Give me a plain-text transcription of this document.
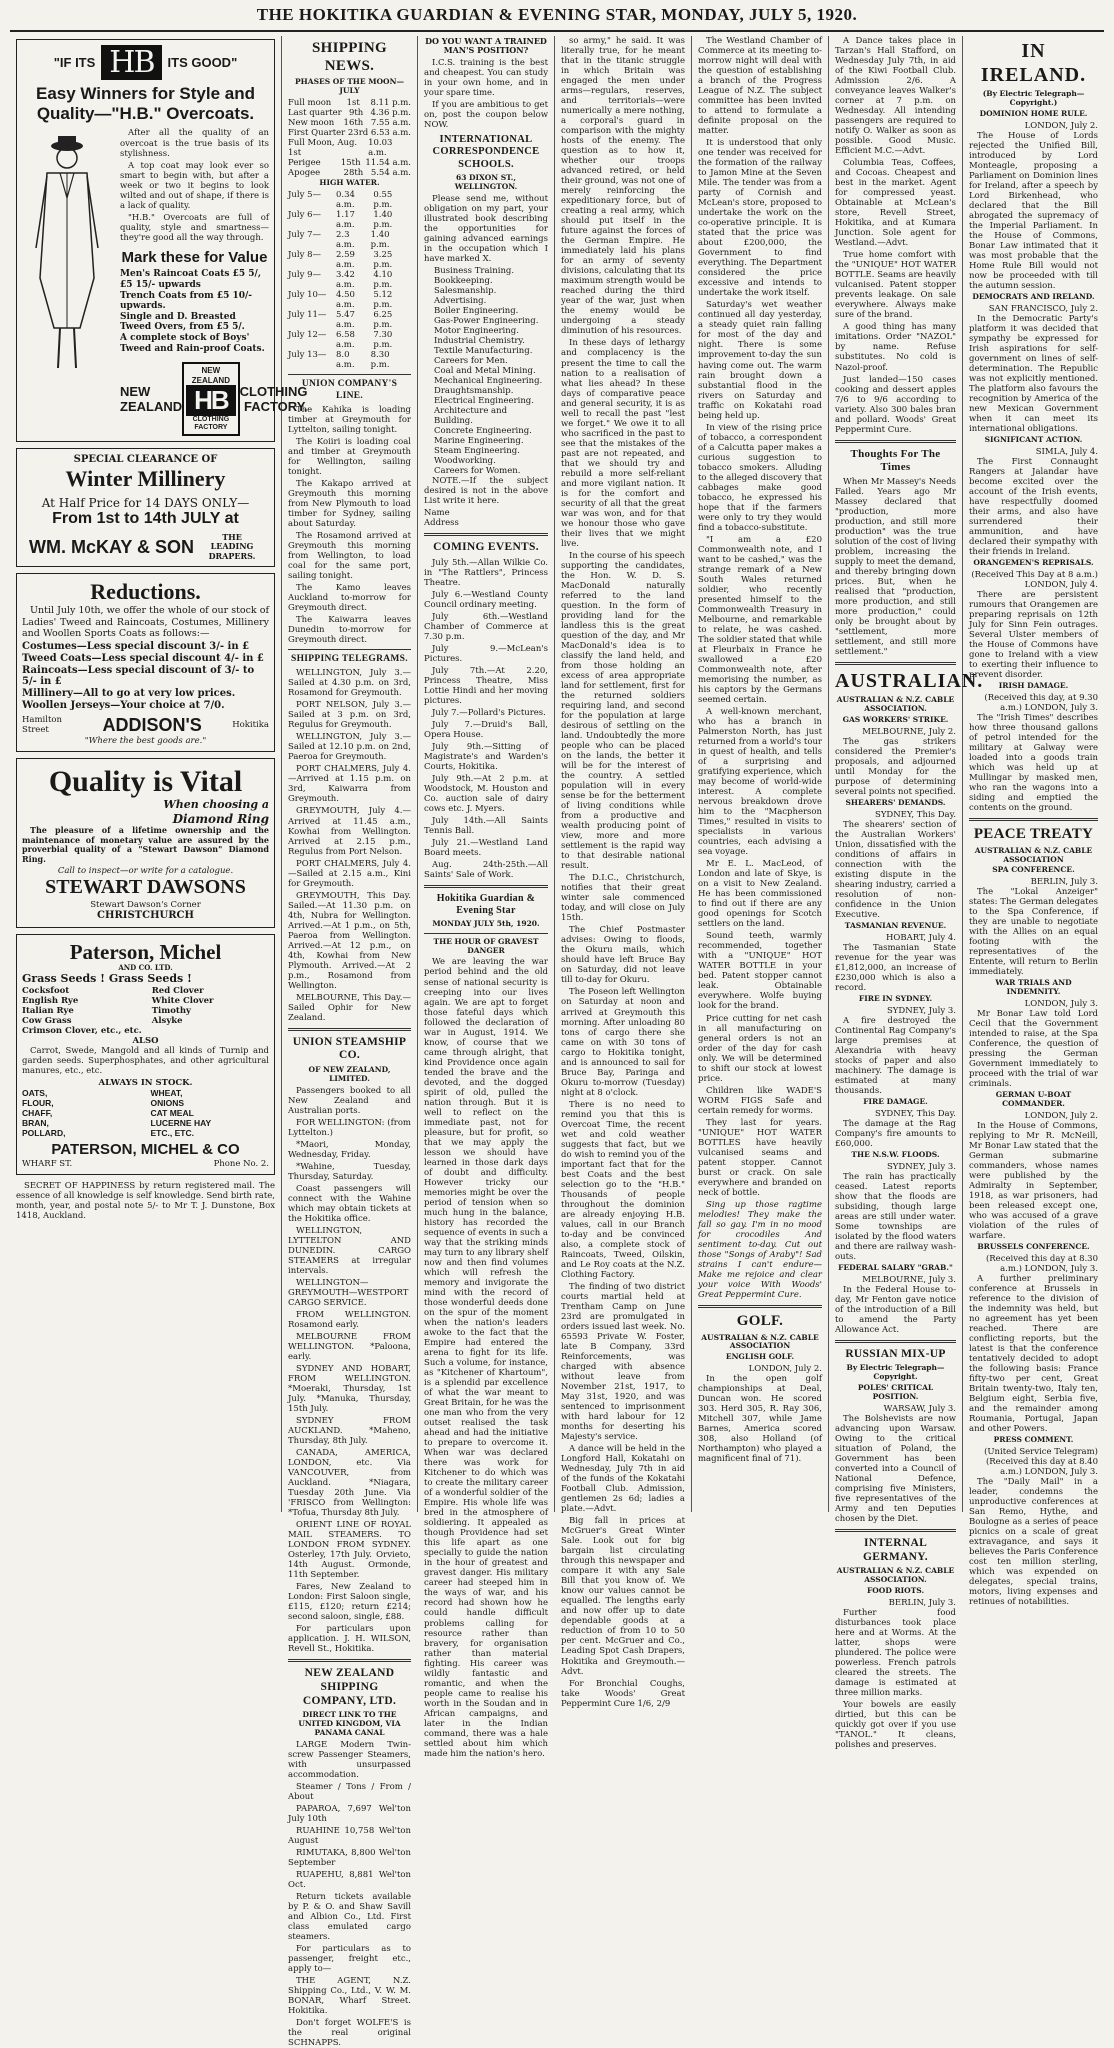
THE HOKITIKA GUARDIAN & EVENING STAR, MONDAY, JULY 5, 1920.
"IF ITS HB	ITS GOOD"
Easy Winners for Style and Quality—"H.B." Overcoats.

After all the quality of an overcoat is the true basis of its stylishness.

A top coat may look ever so smart to begin with, but after a week or two it begins to look wilted and out of shape, if there is a lack of quality.

"H.B." Overcoats are full of quality, style and smartness—they're good all the way through.

Mark these for Value
Men's Raincoat Coats £5 5/, £5 15/- upwards
Trench Coats from £5 10/- upwards.
Single and D. Breasted Tweed Overs, from £5 5/.
A complete stock of Boys' Tweed and Rain-proof Coats.
NEW ZEALAND
NEW ZEALAND
HB
CLOTHING FACTORY
CLOTHING FACTORY.
SPECIAL CLEARANCE OF
Winter Millinery
At Half Price for 14 DAYS ONLY—
From 1st to 14th JULY at
WM. McKAY & SON	THE LEADING DRAPERS.
Reductions.

Until July 10th, we offer the whole of our stock of Ladies' Tweed and Raincoats, Costumes, Millinery and Woollen Sports Coats as follows:—

Costumes—Less special discount 3/- in £
Tweed Coats—Less special discount 4/- in £
Raincoats—Less special discount of 3/- to 5/- in £
Millinery—All to go at very low prices.
Woollen Jerseys—Your choice at 7/0.
Hamilton Street	ADDISON'S	Hokitika
"Where the best goods are."
Quality is Vital
When choosing a
Diamond Ring

The pleasure of a lifetime ownership and the maintenance of monetary value are assured by the proverbial quality of a "Stewart Dawson" Diamond Ring.

Call to inspect—or write for a catalogue.
STEWART DAWSONS
Stewart Dawson's Corner
CHRISTCHURCH
Paterson, Michel
AND CO. LTD.
Grass Seeds ! Grass Seeds !
Cocksfoot
English Rye
Italian Rye
Cow Grass
Crimson Clover, etc., etc.
Red Clover
White Clover
Timothy
Alsyke
ALSO

Carrot, Swede, Mangold and all kinds of Turnip and garden seeds. Superphosphates, and other agricultural manures, etc., etc.

ALWAYS IN STOCK.
OATS,
FLOUR,
CHAFF,
BRAN,
POLLARD,
WHEAT,
ONIONS
CAT MEAL
LUCERNE HAY
ETC., ETC.
PATERSON, MICHEL & CO
WHARF ST.	Phone No. 2.

SECRET OF HAPPINESS by return registered mail. The essence of all knowledge is self knowledge. Send birth rate, month, year, and postal note 5/- to Mr T. J. Dunstone, Box 1418, Auckland.

SHIPPING NEWS.
PHASES OF THE MOON—JULY
Full moon	1st 8.11 p.m.
Last quarter 9th 4.36 p.m.
New moon 16th 7.55 a.m.
First Quarter 23rd 6.53 a.m.
Full Moon, Aug. 1st
10.03 a.m.
Perigee	15th 11.54 a.m.
Apogee	28th 5.54 a.m.
HIGH WATER.
July 5—	0.34 a.m.
0.55 p.m.
July 6—	1.17 a.m.
1.40 p.m.
July 7—	2.3 a.m.
1.40 p.m.
July 8—	2.59 a.m.
3.25 p.m.
July 9—	3.42 a.m.
4.10 p.m.
July 10—	4.50 a.m.
5.12 p.m.
July 11—	5.47 a.m.
6.25 p.m.
July 12—	6.58 a.m.
7.30 p.m.
July 13—	8.0 a.m.
8.30 p.m.
UNION COMPANY'S LINE.

The Kahika is loading timber at Greymouth for Lyttelton, sailing tonight.

The Koiiri is loading coal and timber at Greymouth for Wellington, sailing tonight.

The Kakapo arrived at Greymouth this morning from New Plymouth to load timber for Sydney, sailing about Saturday.

The Rosamond arrived at Greymouth this morning from Wellington, to load coal for the same port, sailing tonight.

The Kamo leaves Auckland to-morrow for Greymouth direct.

The Kaiwarra leaves Dunedin to-morrow for Greymouth direct.

SHIPPING TELEGRAMS.

WELLINGTON, July 3.—Sailed at 4.30 p.m. on 3rd, Rosamond for Greymouth.

PORT NELSON, July 3.—Sailed at 3 p.m. on 3rd, Regulus for Greymouth.

WELLINGTON, July 3.—Sailed at 12.10 p.m. on 2nd, Paeroa for Greymouth.

PORT CHALMERS, July 4.—Arrived at 1.15 p.m. on 3rd, Kaiwarra from Greymouth.

GREYMOUTH, July 4.—Arrived at 11.45 a.m., Kowhai from Wellington. Arrived at 2.15 p.m., Regulus from Port Nelson.

PORT CHALMERS, July 4.—Sailed at 2.15 a.m., Kini for Greymouth.

GREYMOUTH, This Day. Sailed.—At 11.30 p.m. on 4th, Nubra for Wellington. Arrived.—At 1 p.m., on 5th, Paeroa from Wellington. Arrived.—At 12 p.m., on 4th, Kowhai from New Plymouth. Arrived.—At 2 p.m., Rosamond from Wellington.

MELBOURNE, This Day.—Sailed Ophir for New Zealand.

UNION STEAMSHIP CO.
OF NEW ZEALAND, LIMITED.

Passengers booked to all New Zealand and Australian ports.

FOR WELLINGTON: (from Lyttelton.)

*Maori, Monday, Wednesday, Friday.

*Wahine, Tuesday, Thursday, Saturday.

Coast passengers will connect with the Wahine which may obtain tickets at the Hokitika office.

WELLINGTON, LYTTELTON AND DUNEDIN. CARGO STEAMERS at irregular intervals.

WELLINGTON—GREYMOUTH—WESTPORT CARGO SERVICE.

FROM WELLINGTON. Rosamond early.

MELBOURNE FROM WELLINGTON. *Paloona, early.

SYDNEY AND HOBART, FROM WELLINGTON. *Moeraki, Thursday, 1st July. *Manuka, Thursday, 15th July.

SYDNEY FROM AUCKLAND. *Maheno, Thursday, 8th July.

CANADA, AMERICA, LONDON, etc. Via VANCOUVER, from Auckland. *Niagara, Tuesday 20th June. Via 'FRISCO from Wellington: *Tofua, Thursday 8th July.

ORIENT LINE OF ROYAL MAIL STEAMERS. TO LONDON FROM SYDNEY. Osterley, 17th July. Orvieto, 14th August. Ormonde, 11th September.

Fares, New Zealand to London: First Saloon single, £115, £120; return £214; second saloon, single, £88.

For particulars upon application. J. H. WILSON, Revell St., Hokitika.

NEW ZEALAND SHIPPING COMPANY, LTD.
DIRECT LINK TO THE UNITED KINGDOM, VIA PANAMA CANAL

LARGE Modern Twin-screw Passenger Steamers, with unsurpassed accommodation.

Steamer / Tons / From / About

PAPAROA, 7,697 Wel'ton July 10th

RUAHINE 10,758 Wel'ton August

RIMUTAKA, 8,800 Wel'ton September

RUAPEHU, 8,881 Wel'ton Oct.

Return tickets available by P. & O. and Shaw Savill and Albion Co., Ltd. First class emulated cargo steamers.

For particulars as to passenger, freight etc., apply to—

THE AGENT, N.Z. Shipping Co., Ltd., V. W. M. BONAR, Wharf Street. Hokitika.

Don't forget WOLFE'S is the real original SCHNAPPS.

DO YOU WANT A TRAINED MAN'S POSITION?

I.C.S. training is the best and cheapest. You can study in your own home, and in your spare time.

If you are ambitious to get on, post the coupon below NOW.

INTERNATIONAL CORRESPONDENCE SCHOOLS.
63 DIXON ST., WELLINGTON.

Please send me, without obligation on my part, your illustrated book describing the opportunities for gaining advanced earnings in the occupation which I have marked X.

Business Training.
Bookkeeping.
Salesmanship.
Advertising.
Boiler Engineering.
Gas-Power Engineering.
Motor Engineering.
Industrial Chemistry.
Textile Manufacturing.
Careers for Men.
Coal and Metal Mining.
Mechanical Engineering.
Draughtsmanship.
Electrical Engineering.
Architecture and Building.
Concrete Engineering.
Marine Engineering.
Steam Engineering.
Woodworking.
Careers for Women.

NOTE.—If the subject desired is not in the above List write it here.

Name
Address
COMING EVENTS.

July 5th.—Allan Wilkie Co. in "The Rattlers", Princess Theatre.

July 6.—Westland County Council ordinary meeting.

July 6th.—Westland Chamber of Commerce at 7.30 p.m.

July 9.—McLean's Pictures.

July 7th.—At 2.20, Princess Theatre, Miss Lottie Hindi and her moving pictures.

July 7.—Pollard's Pictures.

July 7.—Druid's Ball, Opera House.

July 9th.—Sitting of Magistrate's and Warden's Courts, Hokitika.

July 9th.—At 2 p.m. at Woodstock, M. Houston and Co. auction sale of dairy cows etc. J. Myers.

July 14th.—All Saints Tennis Ball.

July 21.—Westland Land Board meets.

Aug. 24th-25th.—All Saints' Sale of Work.

Hokitika Guardian & Evening Star
MONDAY JULY 5th, 1920.
THE HOUR OF GRAVEST DANGER

We are leaving the war period behind and the old sense of national security is creeping into our lives again. We are apt to forget those fateful days which followed the declaration of war in August, 1914. We know, of course that we came through alright, that kind Providence once again tended the brave and the devoted, and the dogged spirit of old, pulled the nation through. But it is well to reflect on the immediate past, not for pleasure, but for profit, so that we may apply the lesson we should have learned in those dark days of doubt and difficulty. However tricky our memories might be over the period of tension when so much hung in the balance, history has recorded the sequence of events in such a way that the striking minds may turn to any library shelf now and then find volumes which will refresh the memory and invigorate the mind with the record of those wonderful deeds done on the spur of the moment when the nation's leaders awoke to the fact that the Empire had entered the arena to fight for its life. Such a volume, for instance, as "Kitchener of Khartoum", is a splendid par excellence of what the war meant to Great Britain, for he was the one man who from the very outset realised the task ahead and had the initiative to prepare to overcome it. When war was declared there was work for Kitchener to do which was to create the military career of a wonderful soldier of the Empire. His whole life was bred in the atmosphere of soldiering. It appealed as though Providence had set this life apart as one specially to guide the nation in the hour of greatest and gravest danger. His military career had steeped him in the ways of war, and his record had shown how he could handle difficult problems calling for resource rather than bravery, for organisation rather than material fighting. His career was wildly fantastic and romantic, and when the people came to realise his worth in the Soudan and in African campaigns, and later in the Indian command, there was a hale settled about him which made him the nation's hero.

so army," he said. It was literally true, for he meant that in the titanic struggle in which Britain was engaged the men under arms—regulars, reserves, and territorials—were numerically a mere nothing, a corporal's guard in comparison with the mighty hosts of the enemy. The question as to how it, whether our troops advanced retired, or held their ground, was not one of merely reinforcing the expeditionary force, but of creating a real army, which should put itself in the future against the forces of the German Empire. He immediately laid his plans for an army of seventy divisions, calculating that its maximum strength would be reached during the third year of the war, just when the enemy would be undergoing a steady diminution of his resources.

In these days of lethargy and complacency is the present the time to call the nation to a realisation of what lies ahead? In these days of comparative peace and general security, it is as well to recall the past "lest we forget." We owe it to all who sacrificed in the past to see that the mistakes of the past are not repeated, and that we should try and rebuild a more self-reliant and more vigilant nation. It is for the comfort and security of all that the great war was won, and for that we honour those who gave their lives that we might live.

In the course of his speech supporting the candidates, the Hon. W. D. S. MacDonald naturally referred to the land question. In the form of providing land for the landless this is the great question of the day, and Mr MacDonald's idea is to classify the land held, and from those holding an excess of area appropriate land for settlement, first for the returned soldiers requiring land, and second for the population at large desirous of settling on the land. Undoubtedly the more people who can be placed on the lands, the better it will be for the interest of the country. A settled population will in every sense be for the betterment of living conditions while from a productive and wealth producing point of view, more and more settlement is the rapid way to that desirable national result.

The D.I.C., Christchurch, notifies that their great winter sale commenced today, and will close on July 15th.

The Chief Postmaster advises: Owing to floods, the Okuru mails, which should have left Bruce Bay on Saturday, did not leave till to-day for Okuru.

The Poseon left Wellington on Saturday at noon and arrived at Greymouth this morning. After unloading 80 tons of cargo there she came on with 30 tons of cargo to Hokitika tonight, and is announced to sail for Bruce Bay, Paringa and Okuru to-morrow (Tuesday) night at 8 o'clock.

There is no need to remind you that this is Overcoat Time, the recent wet and cold weather suggests that fact, but we do wish to remind you of the important fact that for the best Coats and the best selection go to the "H.B." Thousands of people throughout the dominion are already enjoying H.B. values, call in our Branch to-day and be convinced also, a complete stock of Raincoats, Tweed, Oilskin, and Le Roy coats at the N.Z. Clothing Factory.

The finding of two district courts martial held at Trentham Camp on June 23rd are promulgated in orders issued last week. No. 65593 Private W. Foster, late B Company, 33rd Reinforcements, was charged with absence without leave from November 21st, 1917, to May 31st, 1920, and was sentenced to imprisonment with hard labour for 12 months for deserting his Majesty's service.

A dance will be held in the Longford Hall, Kokatahi on Wednesday, July 7th in aid of the funds of the Kokatahi Football Club. Admission, gentlemen 2s 6d; ladies a plate.—Advt.

Big fall in prices at McGruer's Great Winter Sale. Look out for big bargain list circulating through this newspaper and compare it with any Sale Bill that you know of. We know our values cannot be equalled. The lengths early and now offer up to date dependable goods at a reduction of from 10 to 50 per cent. McGruer and Co., Leading Spot Cash Drapers, Hokitika and Greymouth.—Advt.

For Bronchial Coughs, take Woods' Great Peppermint Cure 1/6, 2/9

The Westland Chamber of Commerce at its meeting to-morrow night will deal with the question of establishing a branch of the Progress League of N.Z. The subject committee has been invited to attend to formulate a definite proposal on the matter.

It is understood that only one tender was received for the formation of the railway to Jamon Mine at the Seven Mile. The tender was from a party of Cornish and McLean's store, proposed to undertake the work on the co-operative principle. It is stated that the price was about £200,000, the Government to find everything. The Department considered the price excessive and intends to undertake the work itself.

Saturday's wet weather continued all day yesterday, a steady quiet rain falling for most of the day and night. There is some improvement to-day the sun having come out. The warm rain brought down a substantial flood in the rivers on Saturday and traffic on Kokatahi road being held up.

In view of the rising price of tobacco, a correspondent of a Calcutta paper makes a curious suggestion to tobacco smokers. Alluding to the alleged discovery that cabbages make good tobacco, he expressed his hope that if the farmers were only to try they would find a tobacco-substitute.

"I am a £20 Commonwealth note, and I want to be cashed," was the strange remark of a New South Wales returned soldier, who recently presented himself to the Commonwealth Treasury in Melbourne, and remarkable to relate, he was cashed. The soldier stated that while at Fleurbaix in France he swallowed a £20 Commonwealth note, after memorising the number, as his captors by the Germans seemed certain.

A well-known merchant, who has a branch in Palmerston North, has just returned from a world's tour in quest of health, and tells of a surprising and gratifying experience, which may become of world-wide interest. A complete nervous breakdown drove him to the "Macpherson Times," resulted in visits to specialists in various countries, each advising a sea voyage.

Mr E. L. MacLeod, of London and late of Skye, is on a visit to New Zealand. He has been commissioned to find out if there are any good openings for Scotch settlers on the land.

Sound teeth, warmly recommended, together with a "UNIQUE" HOT WATER BOTTLE in your bed. Patent stopper cannot leak. Obtainable everywhere. Wolfe buying look for the brand.

Price cutting for net cash in all manufacturing on general orders is not an order of the day for cash only. We will be determined to shift our stock at lowest price.

Children like WADE'S WORM FIGS Safe and certain remedy for worms.

They last for years. "UNIQUE" HOT WATER BOTTLES have heavily vulcanised seams and patent stopper. Cannot burst or crack. On sale everywhere and branded on neck of bottle.

Sing up those ragtime melodies! They make the fall so gay. I'm in no mood for crocodiles And sentiment to-day. Cut out those "Songs of Araby"! Sad strains I can't endure—Make me rejoice and clear your voice With Woods' Great Peppermint Cure.

GOLF.
AUSTRALIAN & N.Z. CABLE ASSOCIATION
ENGLISH GOLF.
LONDON, July 2.

In the open golf championships at Deal, Duncan won. He scored 303. Herd 305, R. Ray 306, Mitchell 307, while Jame Barnes, America scored 308, also Holland (of Northampton) who played a magnificent final of 71).

A Dance takes place in Tarzan's Hall Stafford, on Wednesday July 7th, in aid of the Kiwi Football Club. Admission 2/6. A conveyance leaves Walker's corner at 7 p.m. on Wednesday. All intending passengers are required to notify O. Walker as soon as possible. Good Music. Efficient M.C.—Advt.

Columbia Teas, Coffees, and Cocoas. Cheapest and best in the market. Agent for compressed yeast. Obtainable at McLean's store, Revell Street, Hokitika, and at Kumara Junction. Sole agent for Westland.—Advt.

True home comfort with the "UNIQUE" HOT WATER BOTTLE. Seams are heavily vulcanised. Patent stopper prevents leakage. On sale everywhere. Always make sure of the brand.

A good thing has many imitations. Order "NAZOL" by name. Refuse substitutes. No cold is Nazol-proof.

Just landed—150 cases cooking and dessert apples 7/6 to 9/6 according to variety. Also 300 bales bran and pollard. Woods' Great Peppermint Cure.

Thoughts For The Times

When Mr Massey's Needs Failed. Years ago Mr Massey declared that "production, more production, and still more production" was the true solution of the cost of living problem, increasing the supply to meet the demand, and thereby bringing down prices. But, when he realised that "production, more production, and still more production," could only be brought about by "settlement, more settlement, and still more settlement."

AUSTRALIAN.
AUSTRALIAN & N.Z. CABLE ASSOCIATION.
GAS WORKERS' STRIKE.
MELBOURNE, July 2.

The gas strikers considered the Premier's proposals, and adjourned until Monday for the purpose of determining several points not specified.

SHEARERS' DEMANDS.
SYDNEY, This Day.

The shearers' section of the Australian Workers' Union, dissatisfied with the conditions of affairs in connection with the existing dispute in the shearing industry, carried a resolution of non-confidence in the Union Executive.

TASMANIAN REVENUE.
HOBART, July 4.

The Tasmanian State revenue for the year was £1,812,000, an increase of £230,000 which is also a record.

FIRE IN SYDNEY.
SYDNEY, July 3.

A fire destroyed the Continental Rag Company's large premises at Alexandria with heavy stocks of paper and also machinery. The damage is estimated at many thousands.

FIRE DAMAGE.
SYDNEY, This Day.

The damage at the Rag Company's fire amounts to £60,000.

THE N.S.W. FLOODS.
SYDNEY, July 3.

The rain has practically ceased. Latest reports show that the floods are subsiding, though large areas are still under water. Some townships are isolated by the flood waters and there are railway wash-outs.

FEDERAL SALARY "GRAB."
MELBOURNE, July 3.

In the Federal House to-day, Mr Fenton gave notice of the introduction of a Bill to amend the Party Allowance Act.

RUSSIAN MIX-UP
By Electric Telegraph—Copyright.
POLES' CRITICAL POSITION.
WARSAW, July 3.

The Bolshevists are now advancing upon Warsaw. Owing to the critical situation of Poland, the Government has been converted into a Council of National Defence, comprising five Ministers, five representatives of the Army and ten Deputies chosen by the Diet.

INTERNAL GERMANY.
AUSTRALIAN & N.Z. CABLE ASSOCIATION.
FOOD RIOTS.
BERLIN, July 3.

Further food disturbances took place here and at Worms. At the latter, shops were plundered. The police were powerless. French patrols cleared the streets. The damage is estimated at three million marks.

Your bowels are easily dirtied, but this can be quickly got over if you use "TANOL." It cleans, polishes and preserves.

IN IRELAND.
(By Electric Telegraph—Copyright.)
DOMINION HOME RULE.
LONDON, July 2.

The House of Lords rejected the Unified Bill, introduced by Lord Monteagle, proposing a Parliament on Dominion lines for Ireland, after a speech by Lord Birkenhead, who declared that the Bill abrogated the supremacy of the Imperial Parliament. In the House of Commons, Bonar Law intimated that it was most probable that the Home Rule Bill would not now be proceeded with till the autumn session.

DEMOCRATS AND IRELAND.
SAN FRANCISCO, July 2.

In the Democratic Party's platform it was decided that sympathy be expressed for Irish aspirations for self-government on lines of self-determination. The Republic was not explicitly mentioned. The platform also favours the recognition by America of the new Mexican Government when it can meet its international obligations.

SIGNIFICANT ACTION.
SIMLA, July 4.

The First Connaught Rangers at Jalandar have become excited over the account of the Irish events, have respectfully doomed their arms, and also have surrendered their ammunition, and have declared their sympathy with their friends in Ireland.

ORANGEMEN'S REPRISALS.
(Received This Day at 8 a.m.) LONDON, July 4.

There are persistent rumours that Orangemen are preparing reprisals on 12th July for Sinn Fein outrages. Several Ulster members of the House of Commons have gone to Ireland with a view to exerting their influence to prevent disorder.

IRISH DAMAGE.
(Received this day, at 9.30 a.m.) LONDON, July 3.

The "Irish Times" describes how three thousand gallons of petrol intended for the military at Galway were loaded into a goods train which was held up at Mullingar by masked men, who ran the wagons into a siding and emptied the contents on the ground.

PEACE TREATY
AUSTRALIAN & N.Z. CABLE ASSOCIATION
SPA CONFERENCE.
BERLIN, July 3.

The "Lokal Anzeiger" states: The German delegates to the Spa Conference, if they are unable to negotiate with the Allies on an equal footing with the representatives of the Entente, will return to Berlin immediately.

WAR TRIALS AND INDEMNITY.
LONDON, July 3.

Mr Bonar Law told Lord Cecil that the Government intended to raise, at the Spa Conference, the question of pressing the German Government immediately to proceed with the trial of war criminals.

GERMAN U-BOAT COMMANDER.
LONDON, July 2.

In the House of Commons, replying to Mr R. McNeill, Mr Bonar Law stated that the German submarine commanders, whose names were published by the Admiralty in September, 1918, as war prisoners, had been released except one, who was accused of a grave violation of the rules of warfare.

BRUSSELS CONFERENCE.
(Received this day at 8.30 a.m.) LONDON, July 3.

A further preliminary conference at Brussels in reference to the division of the indemnity was held, but no agreement has yet been reached. There are conflicting reports, but the latest is that the conference tentatively decided to adopt the following basis: France fifty-two per cent, Great Britain twenty-two, Italy ten, Belgium eight, Serbia five, and the remainder among Roumania, Portugal, Japan and other Powers.

PRESS COMMENT.
(United Service Telegram) (Received this day at 8.40 a.m.) LONDON, July 3.

The "Daily Mail" in a leader, condemns the unproductive conferences at San Remo, Hythe, and Boulogne as a series of peace picnics on a scale of great extravagance, and says it believes the Paris Conference cost ten million sterling, which was expended on delegates, special trains, motors, living expenses and retinues of notabilities.
